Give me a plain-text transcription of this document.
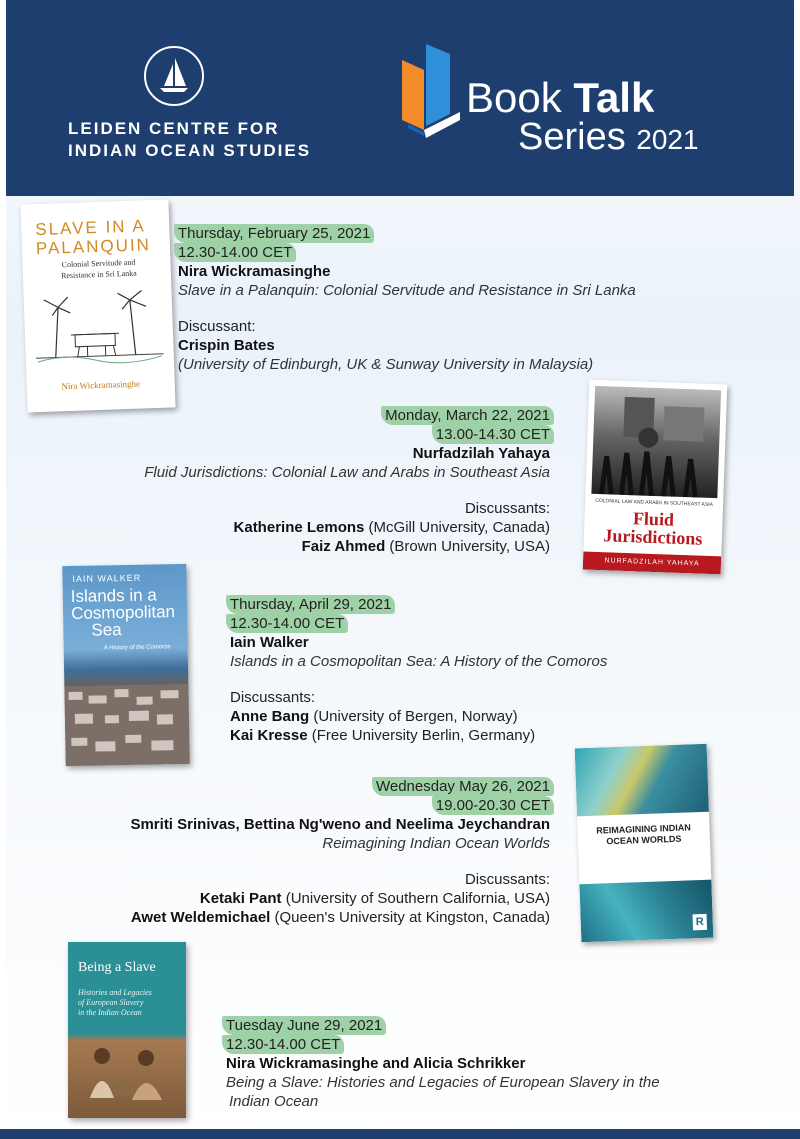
LEIDEN CENTRE FOR
INDIAN OCEAN STUDIES
Book Talk
Series 2021
SLAVE IN A
PALANQUIN
Colonial Servitude and
Resistance in Sri Lanka
Nira Wickramasinghe
Thursday, February 25, 2021
12.30-14.00 CET
Nira Wickramasinghe
Slave in a Palanquin: Colonial Servitude and Resistance in Sri Lanka
Discussant:
Crispin Bates
(University of Edinburgh, UK & Sunway University in Malaysia)
Monday, March 22, 2021
13.00-14.30 CET
Nurfadzilah Yahaya
Fluid Jurisdictions: Colonial Law and Arabs in Southeast Asia
Discussants:
Katherine Lemons (McGill University, Canada)
Faiz Ahmed (Brown University, USA)
COLONIAL LAW AND ARABS IN SOUTHEAST ASIA
Fluid
Jurisdictions
NURFADZILAH YAHAYA
IAIN WALKER
Islands in a
Cosmopolitan
Sea
A History of the Comoros
Thursday, April 29, 2021
12.30-14.00 CET
Iain Walker
Islands in a Cosmopolitan Sea: A History of the Comoros
Discussants:
Anne Bang (University of Bergen, Norway)
Kai Kresse (Free University Berlin, Germany)
Wednesday May 26, 2021
19.00-20.30 CET
Smriti Srinivas, Bettina Ng'weno and Neelima Jeychandran
Reimagining Indian Ocean Worlds
Discussants:
Ketaki Pant (University of Southern California, USA)
Awet Weldemichael (Queen's University at Kingston, Canada)
REIMAGINING INDIAN
OCEAN WORLDS
R
Being a Slave
Histories and Legacies
of European Slavery
in the Indian Ocean
Tuesday June 29, 2021
12.30-14.00 CET
Nira Wickramasinghe and Alicia Schrikker
Being a Slave: Histories and Legacies of European Slavery in the
Indian Ocean
